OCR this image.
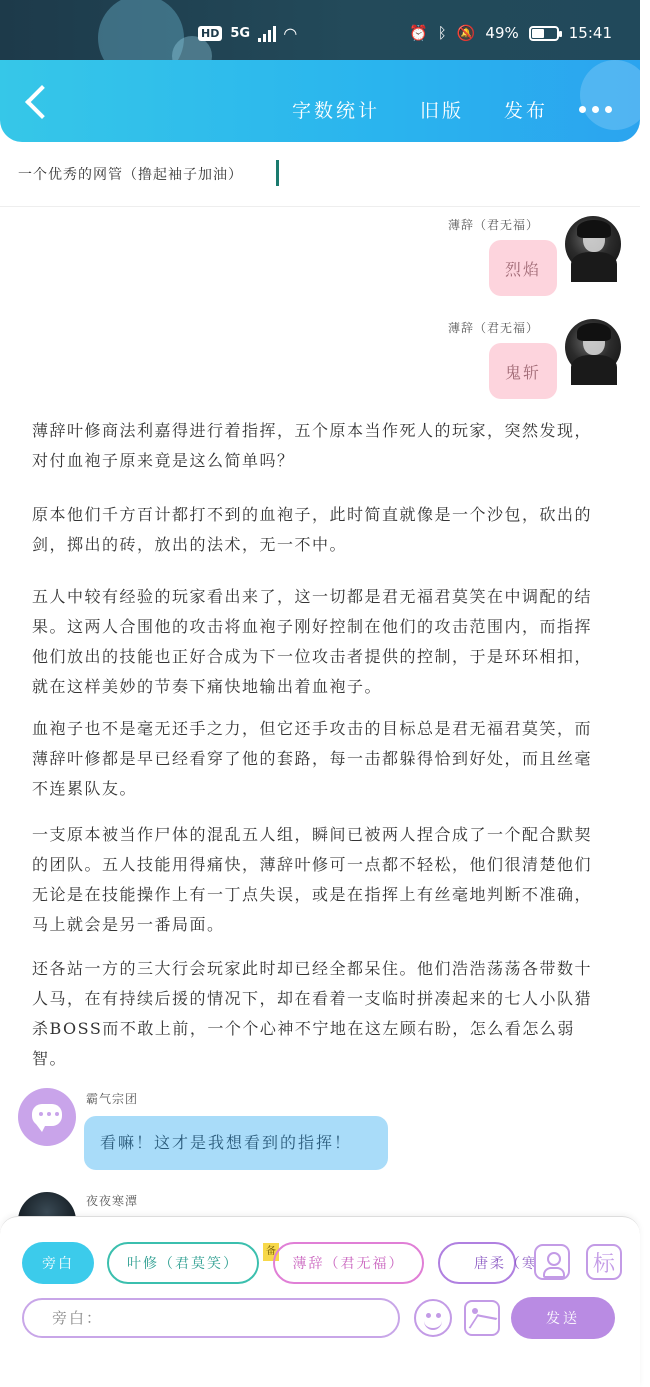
HD 5G ◠	⏰ ᛒ 🔕 49%	15:41
字数统计 旧版 发布
一个优秀的网管（撸起袖子加油）
薄辞（君无福）
烈焰
薄辞（君无福）
鬼斩
薄辞叶修商法利嘉得进行着指挥，五个原本当作死人的玩家，突然发现，对付血袍子原来竟是这么简单吗？
原本他们千方百计都打不到的血袍子，此时简直就像是一个沙包，砍出的剑，掷出的砖，放出的法术，无一不中。
五人中较有经验的玩家看出来了，这一切都是君无福君莫笑在中调配的结果。这两人合围他的攻击将血袍子刚好控制在他们的攻击范围内，而指挥他们放出的技能也正好合成为下一位攻击者提供的控制，于是环环相扣，就在这样美妙的节奏下痛快地输出着血袍子。
血袍子也不是毫无还手之力，但它还手攻击的目标总是君无福君莫笑，而薄辞叶修都是早已经看穿了他的套路，每一击都躲得恰到好处，而且丝毫不连累队友。
一支原本被当作尸体的混乱五人组，瞬间已被两人捏合成了一个配合默契的团队。五人技能用得痛快，薄辞叶修可一点都不轻松，他们很清楚他们无论是在技能操作上有一丁点失误，或是在指挥上有丝毫地判断不准确，马上就会是另一番局面。
还各站一方的三大行会玩家此时却已经全都呆住。他们浩浩荡荡各带数十人马，在有持续后援的情况下，却在看着一支临时拼凑起来的七人小队猎杀BOSS而不敢上前，一个个心神不宁地在这左顾右盼，怎么看怎么弱智。
霸气宗团
看嘛！这才是我想看到的指挥！
夜夜寒潭
旁白	叶修（君莫笑）
备
薄辞（君无福）	唐柔（寒	标
旁白：	发送
